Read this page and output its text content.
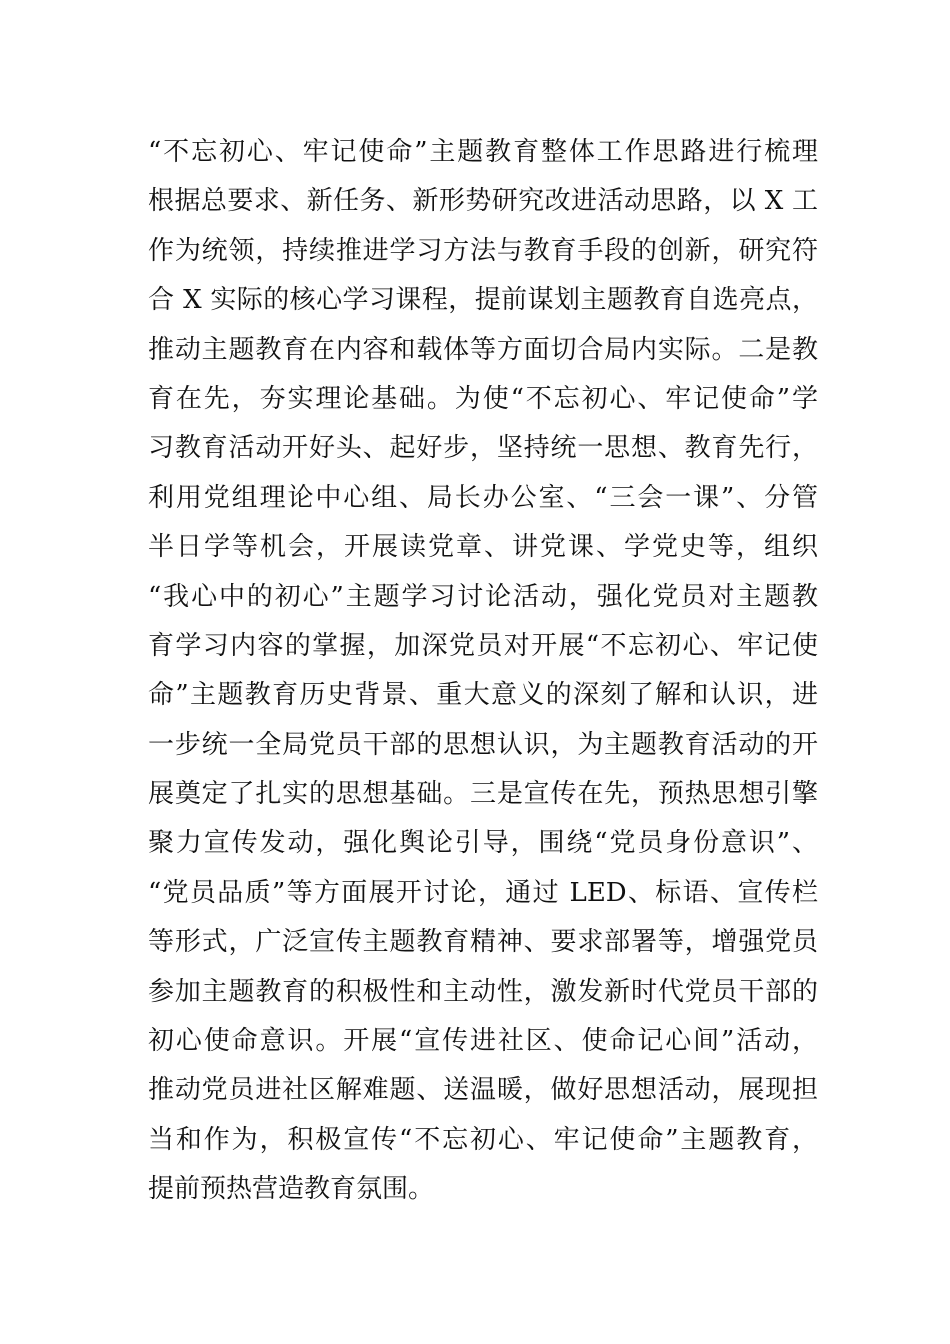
“不忘初心、牢记使命”主题教育整体工作思路进行梳理
根据总要求、新任务、新形势研究改进活动思路，以 X 工
作为统领，持续推进学习方法与教育手段的创新，研究符
合 X 实际的核心学习课程，提前谋划主题教育自选亮点，
推动主题教育在内容和载体等方面切合局内实际。二是教
育在先，夯实理论基础。为使“不忘初心、牢记使命”学
习教育活动开好头、起好步，坚持统一思想、教育先行，
利用党组理论中心组、局长办公室、“三会一课”、分管
半日学等机会，开展读党章、讲党课、学党史等，组织
“我心中的初心”主题学习讨论活动，强化党员对主题教
育学习内容的掌握，加深党员对开展“不忘初心、牢记使
命”主题教育历史背景、重大意义的深刻了解和认识，进
一步统一全局党员干部的思想认识，为主题教育活动的开
展奠定了扎实的思想基础。三是宣传在先，预热思想引擎
聚力宣传发动，强化舆论引导，围绕“党员身份意识”、
“党员品质”等方面展开讨论，通过 LED、标语、宣传栏
等形式，广泛宣传主题教育精神、要求部署等，增强党员
参加主题教育的积极性和主动性，激发新时代党员干部的
初心使命意识。开展“宣传进社区、使命记心间”活动，
推动党员进社区解难题、送温暖，做好思想活动，展现担
当和作为，积极宣传“不忘初心、牢记使命”主题教育，
提前预热营造教育氛围。
